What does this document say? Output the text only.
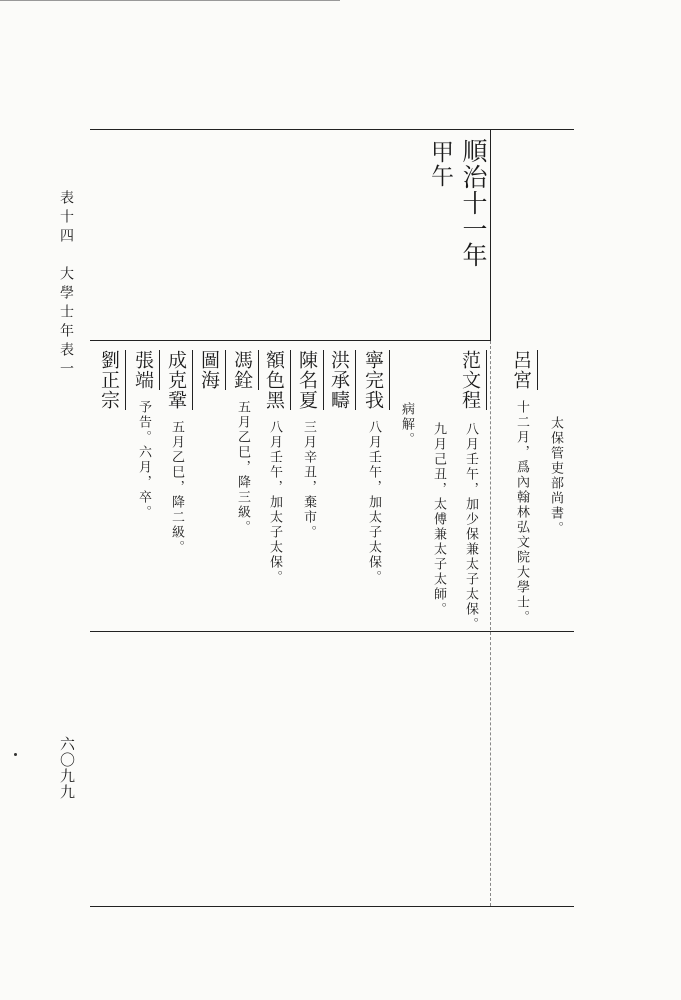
表十四　大學士年表一
六〇九九
順治十一年
甲午
太保管吏部尚書。
呂宮
十二月，爲內翰林弘文院大學士。
范文程
八月壬午，加少保兼太子太保。
九月己丑，太傅兼太子太師。
病解。
寧完我
八月壬午，加太子太保。
洪承疇
陳名夏
三月辛丑，棄市。
額色黑
八月壬午，加太子太保。
馮銓
五月乙巳，降三級。
圖海
成克鞏
五月乙巳，降二級。
張端
予告。六月，卒。
劉正宗
